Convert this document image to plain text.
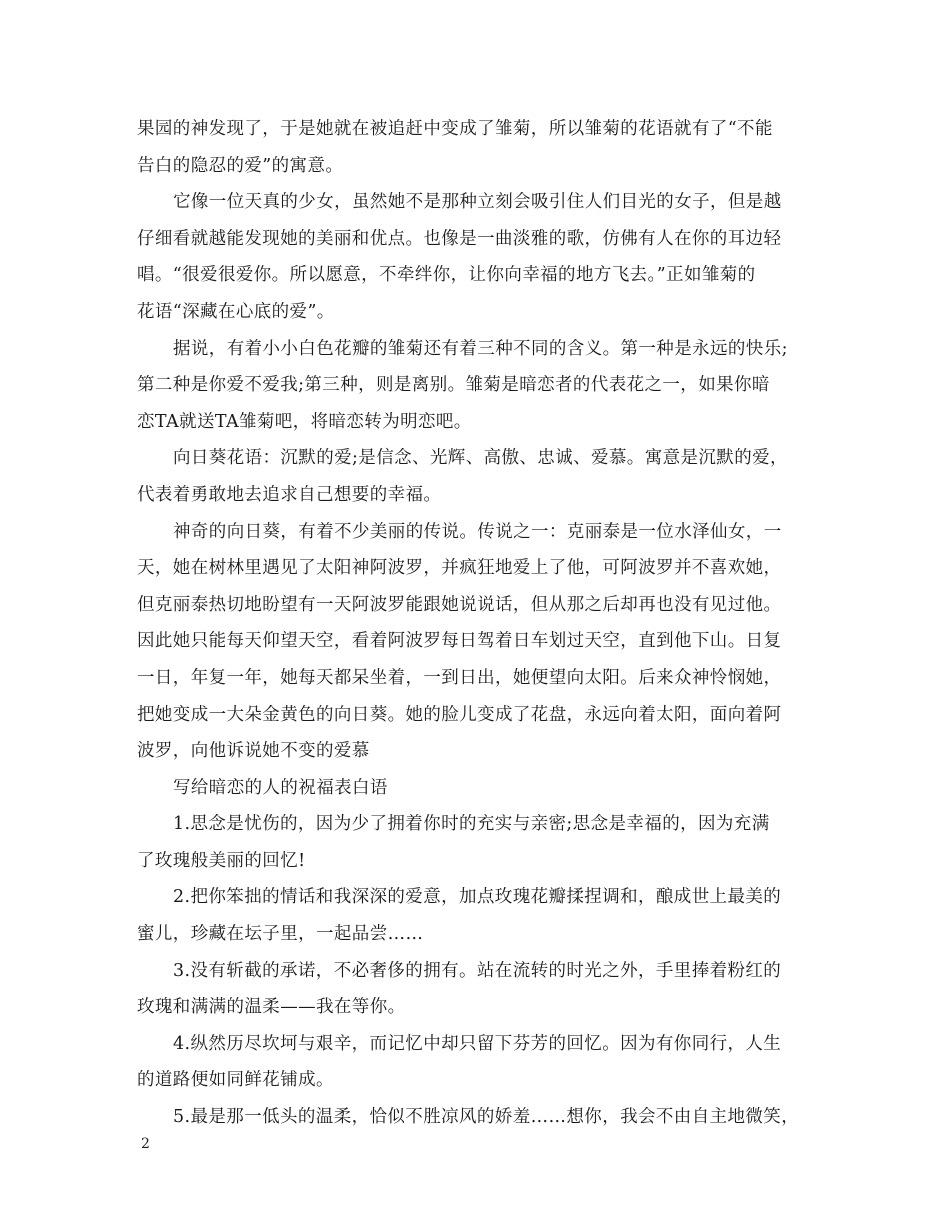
果园的神发现了，于是她就在被追赶中变成了雏菊，所以雏菊的花语就有了“不能
告白的隐忍的爱”的寓意。
它像一位天真的少女，虽然她不是那种立刻会吸引住人们目光的女子，但是越
仔细看就越能发现她的美丽和优点。也像是一曲淡雅的歌，仿佛有人在你的耳边轻
唱。“很爱很爱你。所以愿意，不牵绊你，让你向幸福的地方飞去。”正如雏菊的
花语“深藏在心底的爱”。
据说，有着小小白色花瓣的雏菊还有着三种不同的含义。第一种是永远的快乐;
第二种是你爱不爱我;第三种，则是离别。雏菊是暗恋者的代表花之一，如果你暗
恋TA就送TA雏菊吧，将暗恋转为明恋吧。
向日葵花语：沉默的爱;是信念、光辉、高傲、忠诚、爱慕。寓意是沉默的爱，
代表着勇敢地去追求自己想要的幸福。
神奇的向日葵，有着不少美丽的传说。传说之一：克丽泰是一位水泽仙女，一
天，她在树林里遇见了太阳神阿波罗，并疯狂地爱上了他，可阿波罗并不喜欢她，
但克丽泰热切地盼望有一天阿波罗能跟她说说话，但从那之后却再也没有见过他。
因此她只能每天仰望天空，看着阿波罗每日驾着日车划过天空，直到他下山。日复
一日，年复一年，她每天都呆坐着，一到日出，她便望向太阳。后来众神怜悯她，
把她变成一大朵金黄色的向日葵。她的脸儿变成了花盘，永远向着太阳，面向着阿
波罗，向他诉说她不变的爱慕
写给暗恋的人的祝福表白语
1.思念是忧伤的，因为少了拥着你时的充实与亲密;思念是幸福的，因为充满
了玫瑰般美丽的回忆!
2.把你笨拙的情话和我深深的爱意，加点玫瑰花瓣揉捏调和，酿成世上最美的
蜜儿，珍藏在坛子里，一起品尝……
3.没有斩截的承诺，不必奢侈的拥有。站在流转的时光之外，手里捧着粉红的
玫瑰和满满的温柔——我在等你。
4.纵然历尽坎坷与艰辛，而记忆中却只留下芬芳的回忆。因为有你同行，人生
的道路便如同鲜花铺成。
5.最是那一低头的温柔，恰似不胜凉风的娇羞……想你，我会不由自主地微笑，
2
